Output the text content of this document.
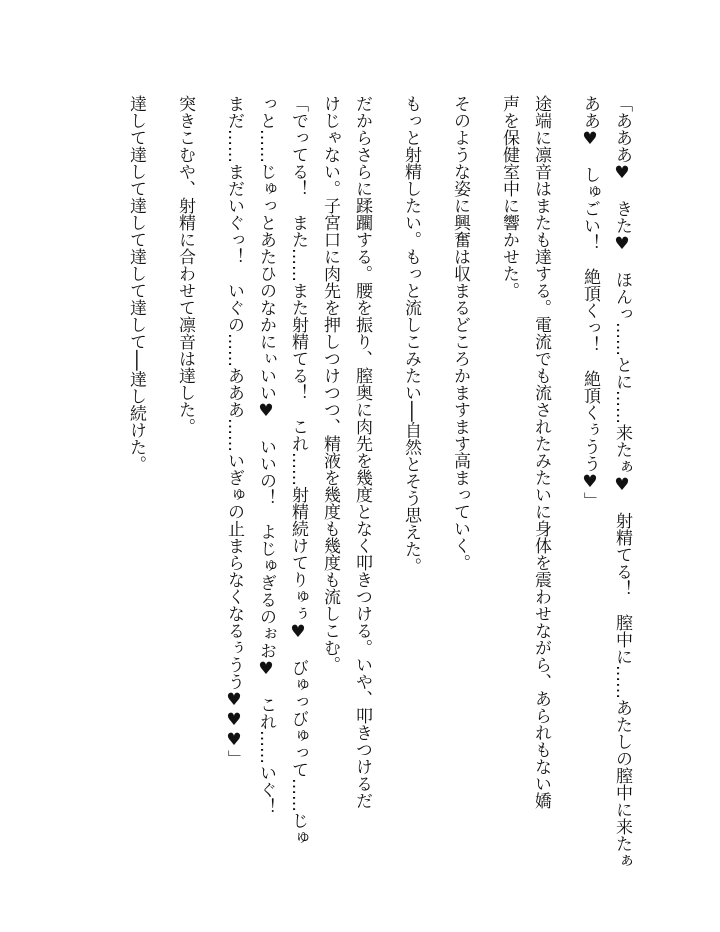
「あああ♥　きた♥　ほんっ……とに……来たぁ♥　射精てる！　膣中に……あたしの膣中に来たぁ
ああ♥　しゅごい！　絶頂くっ！　絶頂くぅうう♥」
途端に凛音はまたも達する。電流でも流されたみたいに身体を震わせながら、あられもない嬌
声を保健室中に響かせた。
そのような姿に興奮は収まるどころかますます高まっていく。
もっと射精したい。もっと流しこみたい──自然とそう思えた。
だからさらに蹂躙する。腰を振り、膣奥に肉先を幾度となく叩きつける。いや、叩きつけるだ
けじゃない。子宮口に肉先を押しつけつつ、精液を幾度も幾度も流しこむ。
「でってる！　また……また射精てる！　これ……射精続けてりゅぅ♥　びゅっびゅって……じゅ
っと……じゅっとあたひのなかにぃいい♥　いいの！　よじゅぎるのぉお♥　これ……いぐ！
まだ……まだいぐっ！　いぐの……あああ……いぎゅの止まらなくなるぅうう♥♥♥」
突きこむや、射精に合わせて凛音は達した。
達して達して達して達して達して──達し続けた。
